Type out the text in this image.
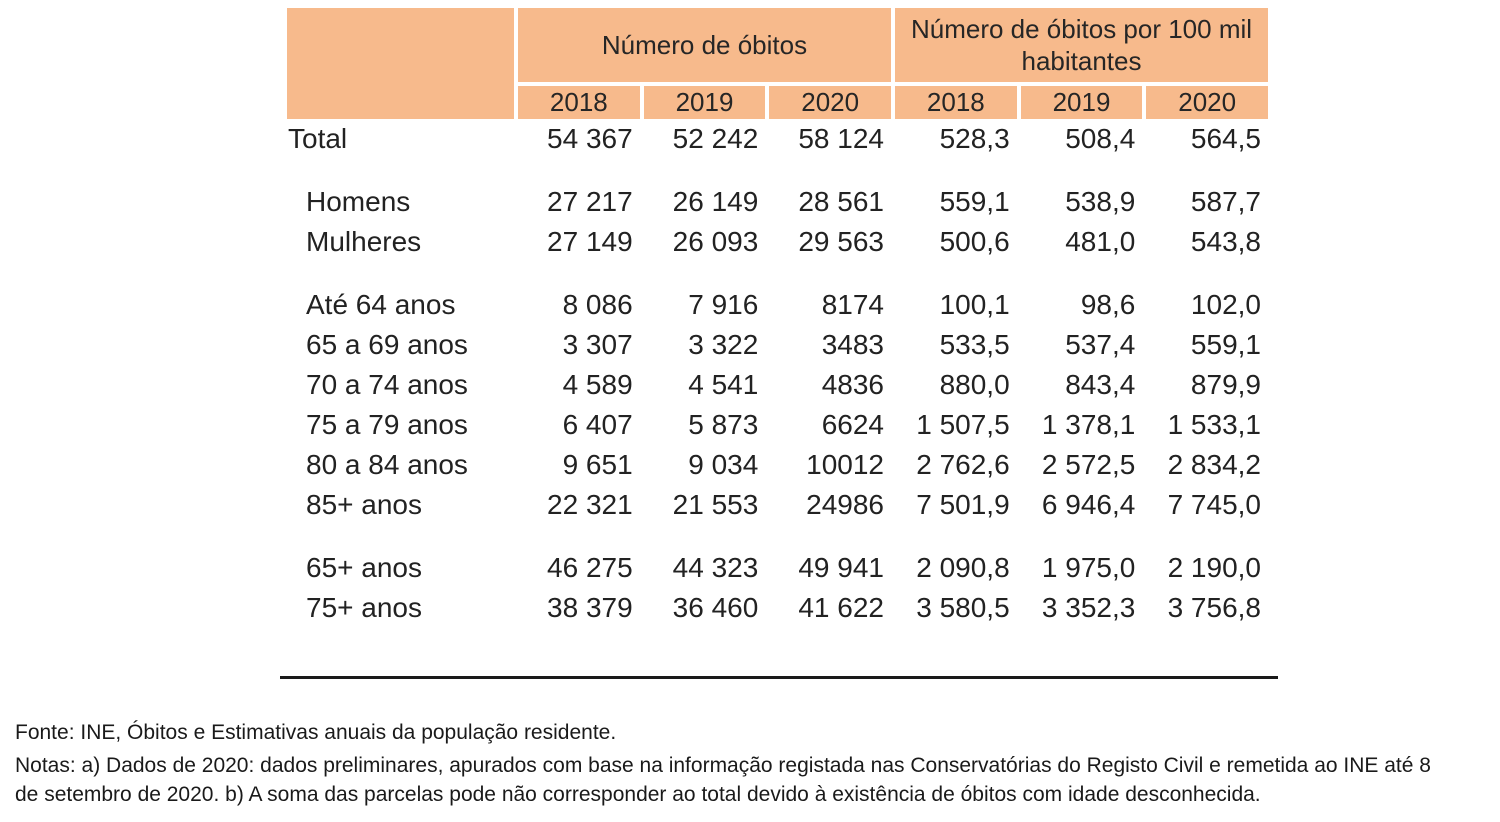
	Número de óbitos			Número de óbitos por 100 mil habitantes		
	2018	2019	2020	2018	2019	2020
Total	54 367	52 242	58 124	528,3	508,4	564,5

Homens	27 217	26 149	28 561	559,1	538,9	587,7
Mulheres	27 149	26 093	29 563	500,6	481,0	543,8

Até 64 anos	8 086	7 916	8174	100,1	98,6	102,0
65 a 69 anos	3 307	3 322	3483	533,5	537,4	559,1
70 a 74 anos	4 589	4 541	4836	880,0	843,4	879,9
75 a 79 anos	6 407	5 873	6624	1 507,5	1 378,1	1 533,1
80 a 84 anos	9 651	9 034	10012	2 762,6	2 572,5	2 834,2
85+ anos	22 321	21 553	24986	7 501,9	6 946,4	7 745,0

65+ anos	46 275	44 323	49 941	2 090,8	1 975,0	2 190,0
75+ anos	38 379	36 460	41 622	3 580,5	3 352,3	3 756,8

Fonte: INE, Óbitos e Estimativas anuais da população residente.

Notas: a) Dados de 2020: dados preliminares, apurados com base na informação registada nas Conservatórias do Registo Civil e remetida ao INE até 8 de setembro de 2020. b) A soma das parcelas pode não corresponder ao total devido à existência de óbitos com idade desconhecida.
